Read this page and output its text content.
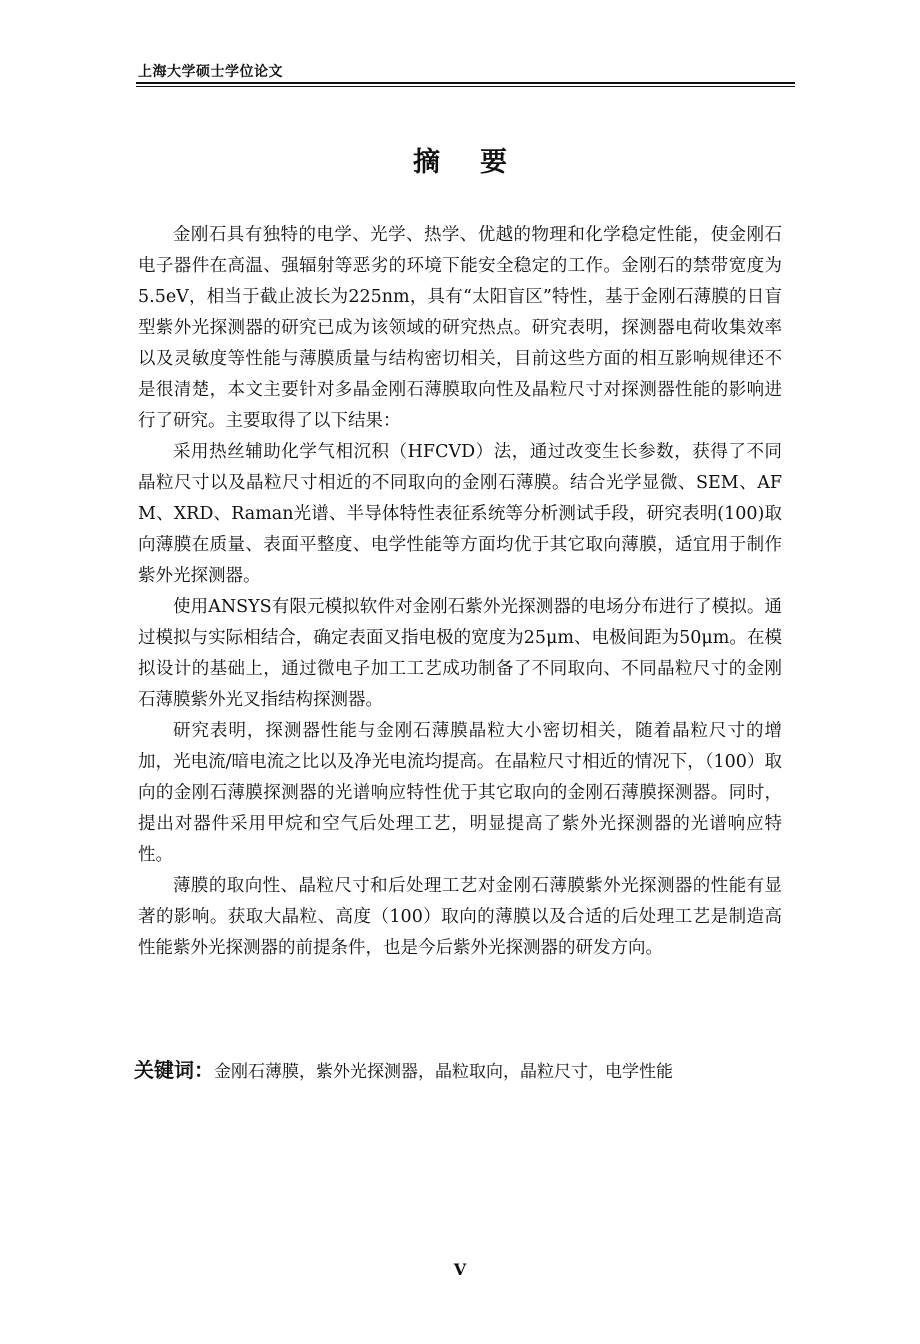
上海大学硕士学位论文
摘要

金刚石具有独特的电学、光学、热学、优越的物理和化学稳定性能，使金刚石电子器件在高温、强辐射等恶劣的环境下能安全稳定的工作。金刚石的禁带宽度为5.5eV，相当于截止波长为225nm，具有“太阳盲区”特性，基于金刚石薄膜的日盲型紫外光探测器的研究已成为该领域的研究热点。研究表明，探测器电荷收集效率以及灵敏度等性能与薄膜质量与结构密切相关，目前这些方面的相互影响规律还不是很清楚，本文主要针对多晶金刚石薄膜取向性及晶粒尺寸对探测器性能的影响进行了研究。主要取得了以下结果：

采用热丝辅助化学气相沉积（HFCVD）法，通过改变生长参数，获得了不同晶粒尺寸以及晶粒尺寸相近的不同取向的金刚石薄膜。结合光学显微、SEM、AFM、XRD、Raman光谱、半导体特性表征系统等分析测试手段，研究表明(100)取向薄膜在质量、表面平整度、电学性能等方面均优于其它取向薄膜，适宜用于制作紫外光探测器。

使用ANSYS有限元模拟软件对金刚石紫外光探测器的电场分布进行了模拟。通过模拟与实际相结合，确定表面叉指电极的宽度为25μm、电极间距为50μm。在模拟设计的基础上，通过微电子加工工艺成功制备了不同取向、不同晶粒尺寸的金刚石薄膜紫外光叉指结构探测器。

研究表明，探测器性能与金刚石薄膜晶粒大小密切相关，随着晶粒尺寸的增加，光电流/暗电流之比以及净光电流均提高。在晶粒尺寸相近的情况下，（100）取向的金刚石薄膜探测器的光谱响应特性优于其它取向的金刚石薄膜探测器。同时，提出对器件采用甲烷和空气后处理工艺，明显提高了紫外光探测器的光谱响应特性。

薄膜的取向性、晶粒尺寸和后处理工艺对金刚石薄膜紫外光探测器的性能有显著的影响。获取大晶粒、高度（100）取向的薄膜以及合适的后处理工艺是制造高性能紫外光探测器的前提条件，也是今后紫外光探测器的研发方向。

关键词：金刚石薄膜，紫外光探测器，晶粒取向，晶粒尺寸，电学性能
V
